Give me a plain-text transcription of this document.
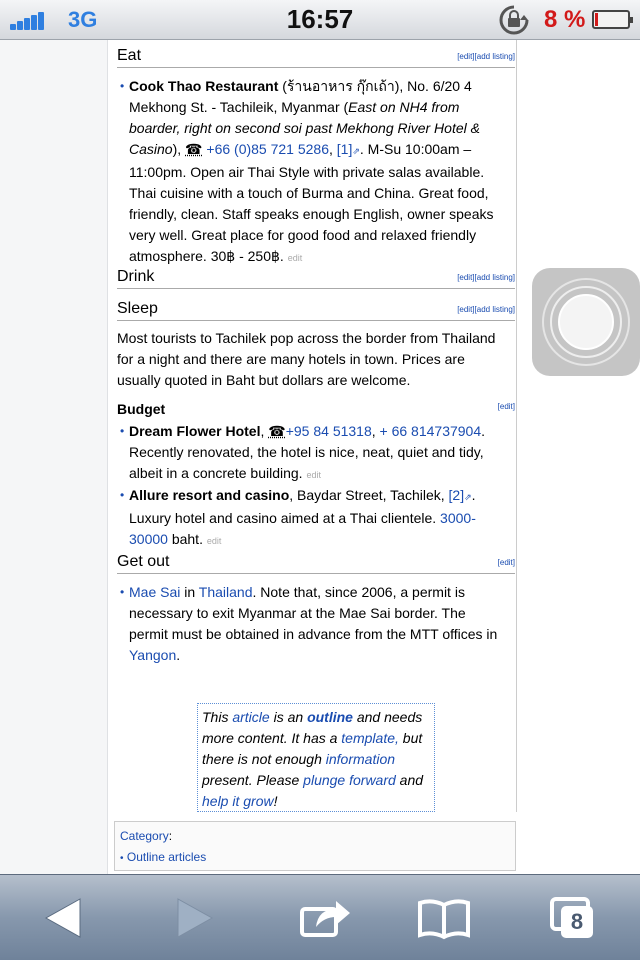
3G	16:57	8 %
Eat	[edit][add listing]
• Cook Thao Restaurant (ร้านอาหาร กุ๊กเถ้า), No. 6/20 4
Mekhong St. - Tachileik, Myanmar (East on NH4 from
boarder, right on second soi past Mekhong River Hotel &
Casino), ☎ +66 (0)85 721 5286, [1]⇗. M-Su 10:00am –
11:00pm. Open air Thai Style with private salas available.
Thai cuisine with a touch of Burma and China. Great food,
friendly, clean. Staff speaks enough English, owner speaks
very well. Great place for good food and relaxed friendly
atmosphere. 30฿ - 250฿. edit
Drink	[edit][add listing]
Sleep	[edit][add listing]
Most tourists to Tachilek pop across the border from Thailand
for a night and there are many hotels in town. Prices are
usually quoted in Baht but dollars are welcome.
Budget	[edit]
• Dream Flower Hotel, ☎+95 84 51318, + 66 814737904.
Recently renovated, the hotel is nice, neat, quiet and tidy,
albeit in a concrete building. edit
• Allure resort and casino, Baydar Street, Tachilek, [2]⇗.
Luxury hotel and casino aimed at a Thai clientele. 3000-
30000 baht. edit
Get out	[edit]
• Mae Sai in Thailand. Note that, since 2006, a permit is
necessary to exit Myanmar at the Mae Sai border. The
permit must be obtained in advance from the MTT offices in
Yangon.
This article is an outline and needs
more content. It has a template, but
there is not enough information
present. Please plunge forward and
help it grow!
Category:
• Outline articles
8
